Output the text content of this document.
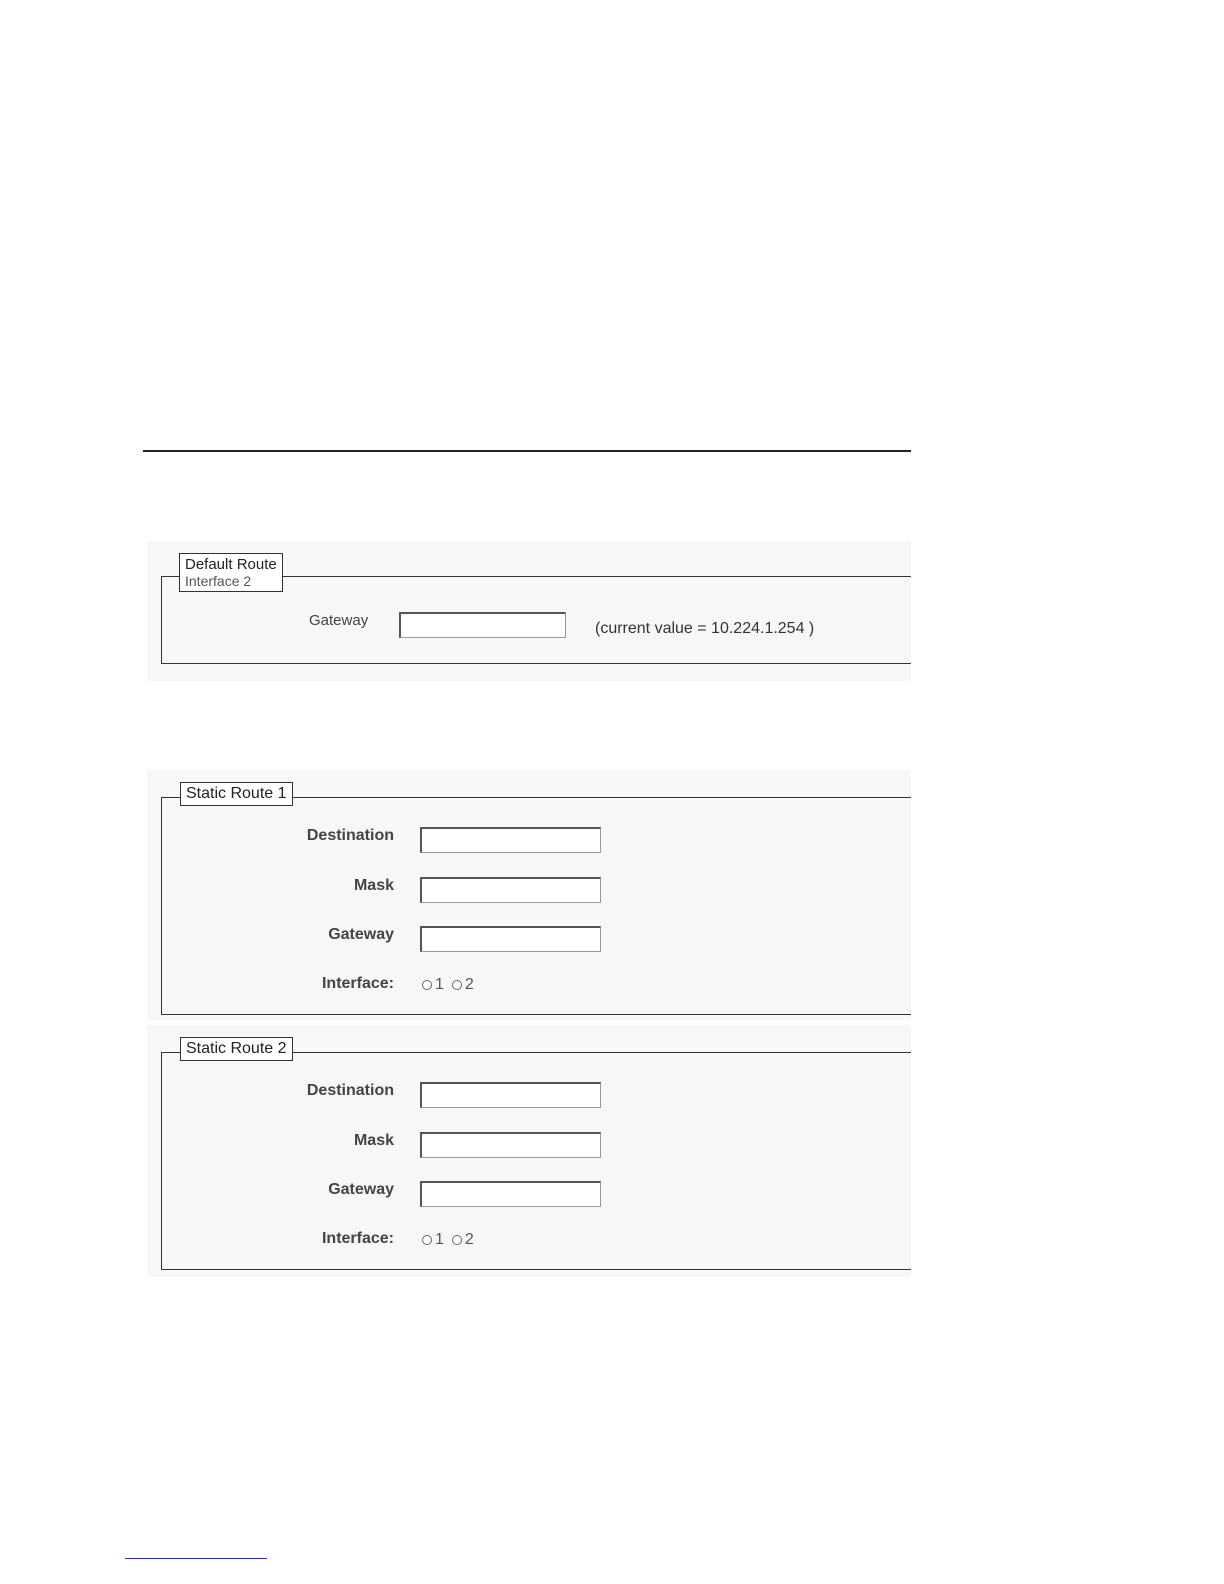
Default Route
Interface 2
Gateway	(current value = 10.224.1.254 )
Static Route 1
Destination
Mask
Gateway
Interface:	1 2
Static Route 2
Destination
Mask
Gateway
Interface:	1 2
